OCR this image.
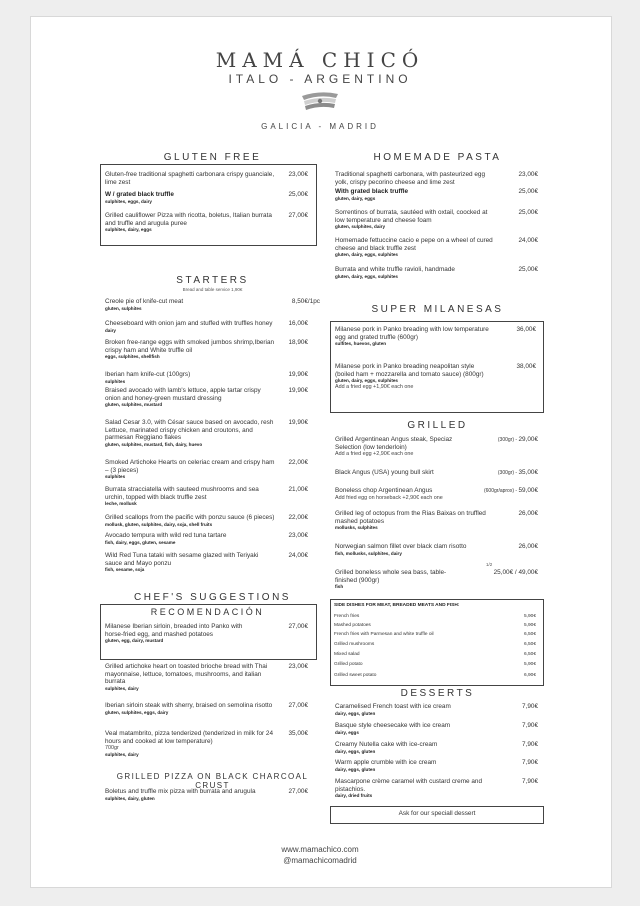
MAMÁ CHICÓ
ITALO - ARGENTINO
GALICIA - MADRID
GLUTEN FREE
Gluten-free traditional spaghetti carbonara crispy guanciale, lime zest
23,00€
W / grated black truffle
sulphites, eggs, dairy
25,00€
Grilled cauliflower Pizza with ricotta, boletus, Italian burrata and truffle and arugula puree
sulphites, dairy, eggs
27,00€
STARTERS
Bread and table service 1,90€
Creole pie of knife-cut meat
gluten, sulphites
8,50€/1pc
Cheeseboard with onion jam and stuffed with truffles honey
dairy
16,00€
Broken free-range eggs with smoked jumbos shrimp,Iberian crispy ham and White truffle oil
eggs, sulphites, shellfish
18,90€
Iberian ham knife-cut (100grs)
sulphites
19,90€
Braised avocado with lamb's lettuce, apple tartar crispy onion and honey-green mustard dressing
gluten, sulphites, mustard
19,90€
Salad Cesar 3.0, with César sauce based on avocado, resh Lettuce, marinated crispy chicken and croutons, and parmesan Reggiano flakes
gluten, sulphites, mustard, fish, dairy, huevo
19,90€
Smoked Artichoke Hearts on celeriac cream and crispy ham – (3 pieces)
sulphites
22,00€
Burrata stracciatella with sauteed mushrooms and sea urchin, topped with black truffle zest
leche, mollusk
21,00€
Grilled scallops from the pacific with ponzu sauce (6 pieces)
mollusk, gluten, sulphites, dairy, soja, shell fruits
22,00€
Avocado tempura with wild red tuna tartare
fish, dairy, eggs, gluten, sesame
23,00€
Wild Red Tuna tataki with sesame glazed with Teriyaki sauce and Mayo ponzu
fish, sesame, soja
24,00€
CHEF'S SUGGESTIONS
RECOMENDACIÓN
Milanese Iberian sirloin, breaded into Panko with horse-fried egg, and mashed potatoes
gluten, egg, dairy, mustard
27,00€
Grilled artichoke heart on toasted brioche bread with Thai mayonnaise, lettuce, tomatoes, mushrooms, and italian burrata
sulphites, dairy
23,00€
Iberian sirloin steak with sherry, braised on semolina risotto
gluten, sulphites, eggs, dairy
27,00€
Veal matambrito, pizza tenderized (tenderized in milk for 24 hours and cooked at low temperature)
700gr
sulphites, dairy
35,00€
GRILLED PIZZA ON BLACK CHARCOAL CRUST
Boletus and truffle mix pizza with burrata and arugula
sulphites, dairy, gluten
27,00€
HOMEMADE PASTA
Traditional spaghetti carbonara, with pasteurized egg yolk, crispy pecorino cheese and lime zest
23,00€
With grated black truffle
gluten, dairy, eggs
25,00€
Sorrentinos of burrata, sautéed with oxtail, coocked at low temperature and cheese foam
gluten, sulphites, dairy
25,00€
Homemade fettuccine cacio e pepe on a wheel of cured cheese and black truffle zest
gluten, dairy, eggs, sulphites
24,00€
Burrata and white truffle ravioli, handmade
gluten, dairy, eggs, sulphites
25,00€
SUPER MILANESAS
Milanese pork in Panko breading with low temperature egg and grated truffle (600gr)
sulfites, huevos, gluten
36,00€
Milanese pork in Panko breading neapolitan style (boiled ham + mozzarella and tomato sauce) (800gr)
gluten, dairy, eggs, sulphites
Add a fried egg +1,90€ each one
38,00€
GRILLED
Grilled Argentinean Angus steak, Speciaz Selection (low tenderloin)
Add a fried egg +2,90€ each one
(300gr) - 29,00€
Black Angus (USA) young bull skirt	(300gr) - 35,00€
Boneless chop Argentinean Angus
Add fried egg on horseback +2,90€ each one
(600gr/aprox) - 59,00€
Grilled leg of octopus from the Rias Baixas on truffled mashed potatoes
mollusks, sulphites
26,00€
Norwegian salmon fillet over black clam risotto
fish, mollusks, sulphites, dairy
26,00€
Grilled boneless whole sea bass, table-finished (900gr)
fish
1/2
25,00€ / 49,00€
SIDE DISHES FOR MEAT, BREADED MEATS AND FISH:
French fries	5,90€
Mashed potatoes	5,90€
French fries with Parmesan and white truffle oil	6,50€
Grilled mushrooms	6,50€
Mixed salad	6,50€
Grilled potato	5,90€
Grilled sweet potato	6,90€
DESSERTS
Caramelised French toast with ice cream
dairy, eggs, gluten
7,90€
Basque style cheesecake with ice cream
dairy, eggs
7,90€
Creamy Nutella cake with ice-cream
dairy, eggs, gluten
7,90€
Warm apple crumble with ice cream
dairy, eggs, gluten
7,90€
Mascarpone crème caramel with custard creme and pistachios.
dairy, dried fruits
7,90€
Ask for our speciall dessert
www.mamachico.com
@mamachicomadrid
